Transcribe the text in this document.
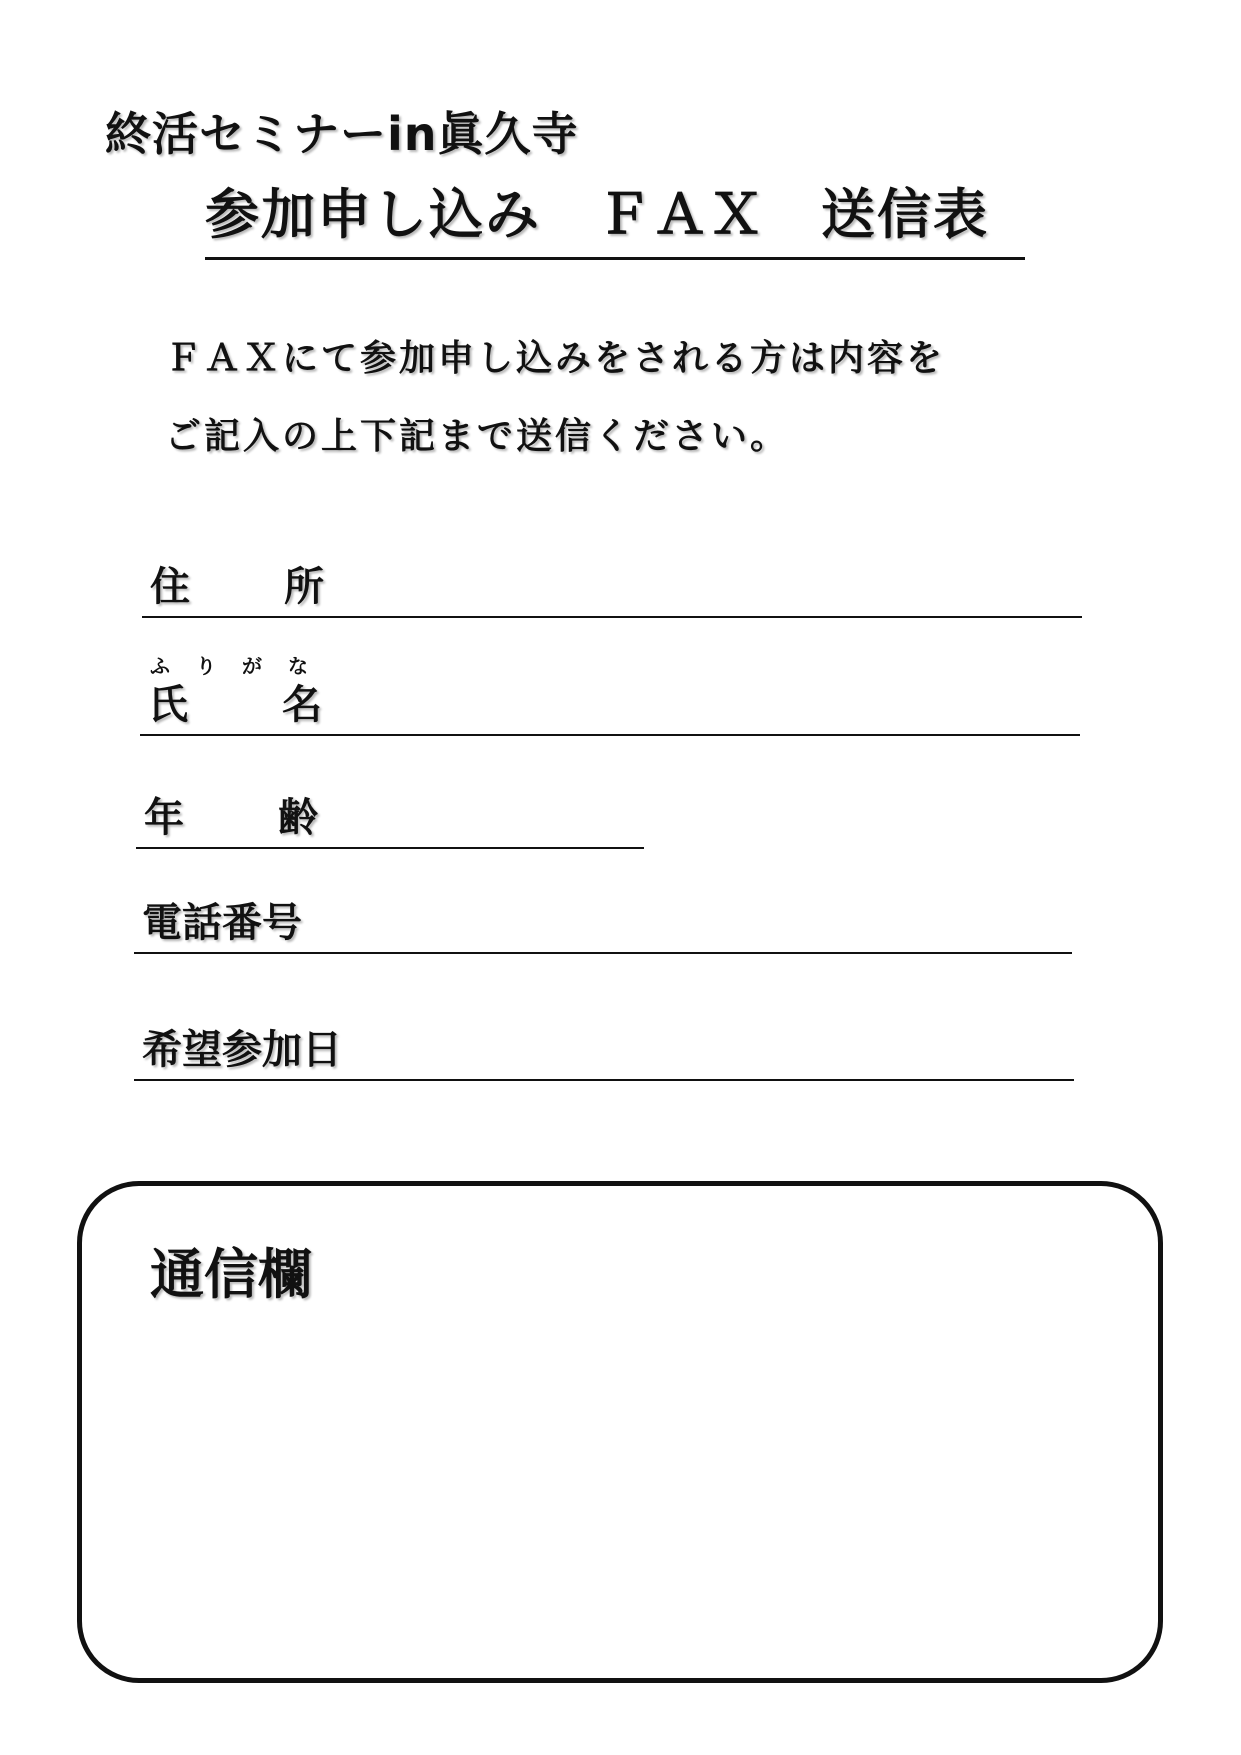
終活セミナーin眞久寺
参加申し込み　ＦＡＸ　送信表
ＦＡＸにて参加申し込みをされる方は内容を
ご記入の上下記まで送信ください。
住 所
ふ り が な
氏 名
年 齢
電話番号
希望参加日
通信欄
